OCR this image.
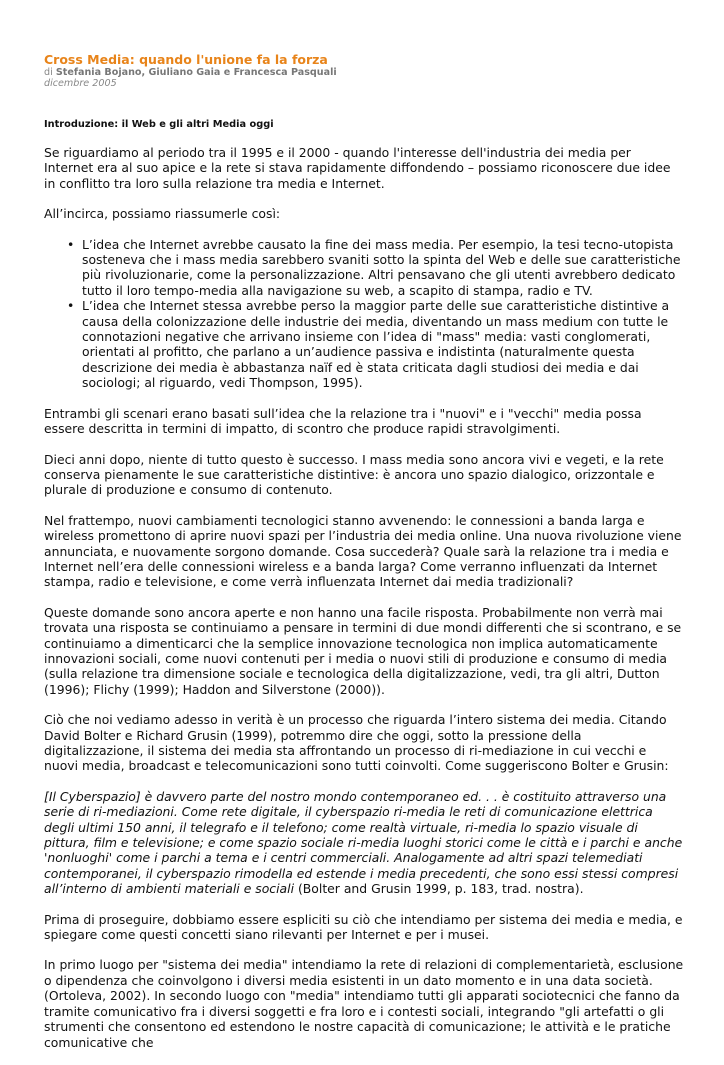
Cross Media: quando l'unione fa la forza

di Stefania Bojano, Giuliano Gaia e Francesca Pasquali

dicembre 2005

Introduzione: il Web e gli altri Media oggi

Se riguardiamo al periodo tra il 1995 e il 2000 - quando l'interesse dell'industria dei media per Internet era al suo apice e la rete si stava rapidamente diffondendo – possiamo riconoscere due idee in conflitto tra loro sulla relazione tra media e Internet.

All’incirca, possiamo riassumerle così:

• L’idea che Internet avrebbe causato la fine dei mass media. Per esempio, la tesi tecno-utopista sosteneva che i mass media sarebbero svaniti sotto la spinta del Web e delle sue caratteristiche più rivoluzionarie, come la personalizzazione. Altri pensavano che gli utenti avrebbero dedicato tutto il loro tempo-media alla navigazione su web, a scapito di stampa, radio e TV.
• L’idea che Internet stessa avrebbe perso la maggior parte delle sue caratteristiche distintive a causa della colonizzazione delle industrie dei media, diventando un mass medium con tutte le connotazioni negative che arrivano insieme con l’idea di "mass" media: vasti conglomerati, orientati al profitto, che parlano a un’audience passiva e indistinta (naturalmente questa descrizione dei media è abbastanza naïf ed è stata criticata dagli studiosi dei media e dai sociologi; al riguardo, vedi Thompson, 1995).

Entrambi gli scenari erano basati sull’idea che la relazione tra i "nuovi" e i "vecchi" media possa essere descritta in termini di impatto, di scontro che produce rapidi stravolgimenti.

Dieci anni dopo, niente di tutto questo è successo. I mass media sono ancora vivi e vegeti, e la rete conserva pienamente le sue caratteristiche distintive: è ancora uno spazio dialogico, orizzontale e plurale di produzione e consumo di contenuto.

Nel frattempo, nuovi cambiamenti tecnologici stanno avvenendo: le connessioni a banda larga e wireless promettono di aprire nuovi spazi per l’industria dei media online. Una nuova rivoluzione viene annunciata, e nuovamente sorgono domande. Cosa succederà? Quale sarà la relazione tra i media e Internet nell’era delle connessioni wireless e a banda larga? Come verranno influenzati da Internet stampa, radio e televisione, e come verrà influenzata Internet dai media tradizionali?

Queste domande sono ancora aperte e non hanno una facile risposta. Probabilmente non verrà mai trovata una risposta se continuiamo a pensare in termini di due mondi differenti che si scontrano, e se continuiamo a dimenticarci che la semplice innovazione tecnologica non implica automaticamente innovazioni sociali, come nuovi contenuti per i media o nuovi stili di produzione e consumo di media (sulla relazione tra dimensione sociale e tecnologica della digitalizzazione, vedi, tra gli altri, Dutton (1996); Flichy (1999); Haddon and Silverstone (2000)).

Ciò che noi vediamo adesso in verità è un processo che riguarda l’intero sistema dei media. Citando David Bolter e Richard Grusin (1999), potremmo dire che oggi, sotto la pressione della digitalizzazione, il sistema dei media sta affrontando un processo di ri-mediazione in cui vecchi e nuovi media, broadcast e telecomunicazioni sono tutti coinvolti. Come suggeriscono Bolter e Grusin:

[Il Cyberspazio] è davvero parte del nostro mondo contemporaneo ed. . . è costituito attraverso una serie di ri-mediazioni. Come rete digitale, il cyberspazio ri-media le reti di comunicazione elettrica degli ultimi 150 anni, il telegrafo e il telefono; come realtà virtuale, ri-media lo spazio visuale di pittura, film e televisione; e come spazio sociale ri-media luoghi storici come le città e i parchi e anche 'nonluoghi' come i parchi a tema e i centri commerciali. Analogamente ad altri spazi telemediati contemporanei, il cyberspazio rimodella ed estende i media precedenti, che sono essi stessi compresi all’interno di ambienti materiali e sociali (Bolter and Grusin 1999, p. 183, trad. nostra).

Prima di proseguire, dobbiamo essere espliciti su ciò che intendiamo per sistema dei media e media, e spiegare come questi concetti siano rilevanti per Internet e per i musei.

In primo luogo per "sistema dei media" intendiamo la rete di relazioni di complementarietà, esclusione o dipendenza che coinvolgono i diversi media esistenti in un dato momento e in una data società. (Ortoleva, 2002). In secondo luogo con "media" intendiamo tutti gli apparati sociotecnici che fanno da tramite comunicativo fra i diversi soggetti e fra loro e i contesti sociali, integrando "gli artefatti o gli strumenti che consentono ed estendono le nostre capacità di comunicazione; le attività e le pratiche comunicative che
